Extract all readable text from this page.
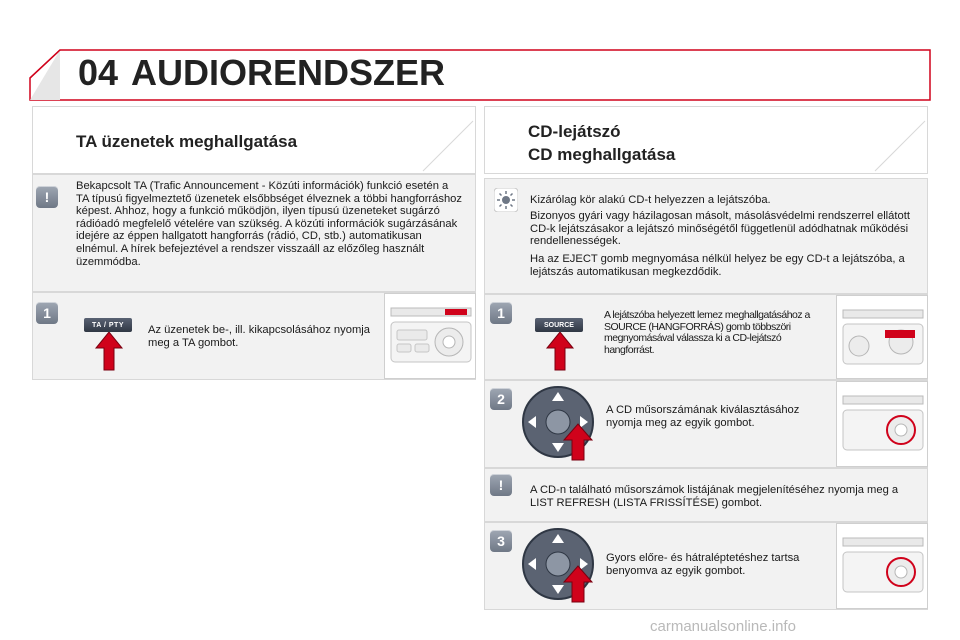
04 AUDIORENDSZER
TA üzenetek meghallgatása
!
Bekapcsolt TA (Trafic Announcement - Közúti információk) funkció esetén a TA típusú figyelmeztető üzenetek elsőbbséget élveznek a többi hangforráshoz képest. Ahhoz, hogy a funkció működjön, ilyen típusú üzeneteket sugárzó rádióadó megfelelő vételére van szükség. A közúti információk sugárzásának idejére az éppen hallgatott hangforrás (rádió, CD, stb.) automatikusan elnémul. A hírek befejeztével a rendszer visszaáll az előzőleg használt üzemmódba.
1
TA / PTY	Az üzenetek be-, ill. kikapcsolásához nyomja meg a TA gombot.
CD-lejátszó
CD meghallgatása
Kizárólag kör alakú CD-t helyezzen a lejátszóba.
Bizonyos gyári vagy házilagosan másolt, másolásvédelmi rendszerrel ellátott CD-k lejátszásakor a lejátszó minőségétől függetlenül adódhatnak működési rendellenességek.
Ha az EJECT gomb megnyomása nélkül helyez be egy CD-t a lejátszóba, a lejátszás automatikusan megkezdődik.
1
SOURCE
A lejátszóba helyezett lemez meghallgatásához a SOURCE (HANGFORRÁS) gomb többszöri megnyomásával válassza ki a CD-lejátszó hangforrást.
2
A CD műsorszámának kiválasztásához nyomja meg az egyik gombot.
!	A CD-n található műsorszámok listájának megjelenítéséhez nyomja meg a LIST REFRESH (LISTA FRISSÍTÉSE) gombot.
3
Gyors előre- és hátraléptetéshez tartsa benyomva az egyik gombot.
carmanualsonline.info
